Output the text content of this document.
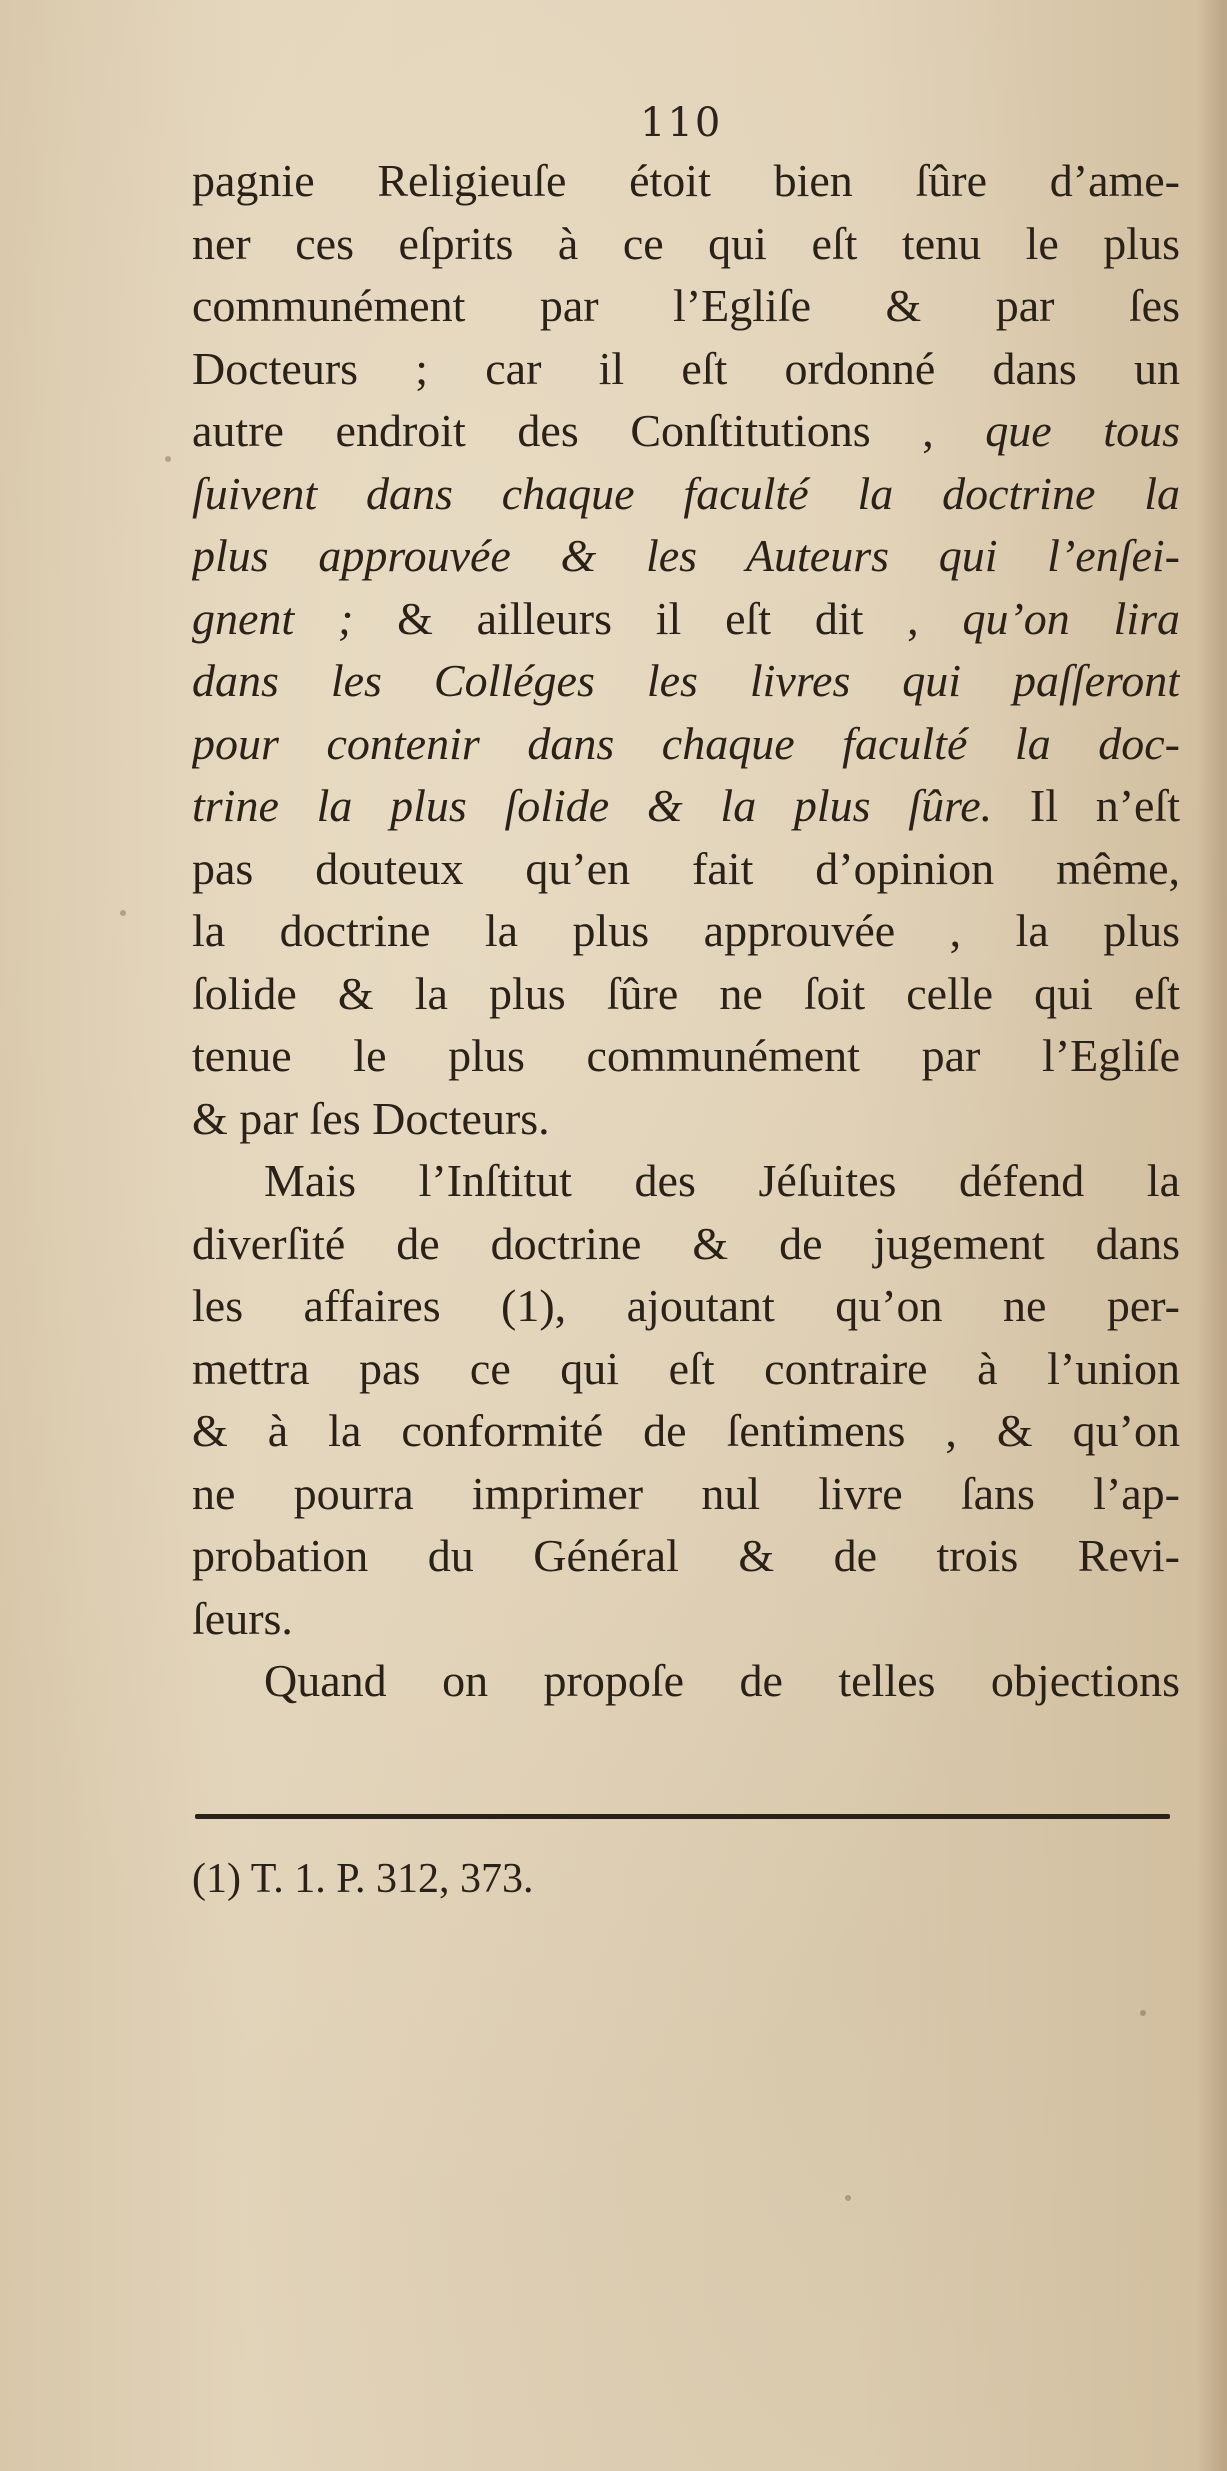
110
pagnie Religieuſe étoit bien ſûre d’ame-
ner ces eſprits à ce qui eſt tenu le plus
communément par l’Egliſe & par ſes
Docteurs ; car il eſt ordonné dans un
autre endroit des Conſtitutions , que tous
ſuivent dans chaque faculté la doctrine la
plus approuvée & les Auteurs qui l’enſei-
gnent ; & ailleurs il eſt dit , qu’on lira
dans les Colléges les livres qui paſſeront
pour contenir dans chaque faculté la doc-
trine la plus ſolide & la plus ſûre. Il n’eſt
pas douteux qu’en fait d’opinion même,
la doctrine la plus approuvée , la plus
ſolide & la plus ſûre ne ſoit celle qui eſt
tenue le plus communément par l’Egliſe
& par ſes Docteurs.
Mais l’Inſtitut des Jéſuites défend la
diverſité de doctrine & de jugement dans
les affaires (1), ajoutant qu’on ne per-
mettra pas ce qui eſt contraire à l’union
& à la conformité de ſentimens , & qu’on
ne pourra imprimer nul livre ſans l’ap-
probation du Général & de trois Revi-
ſeurs.
Quand on propoſe de telles objections
(1) T. 1. P. 312, 373.
